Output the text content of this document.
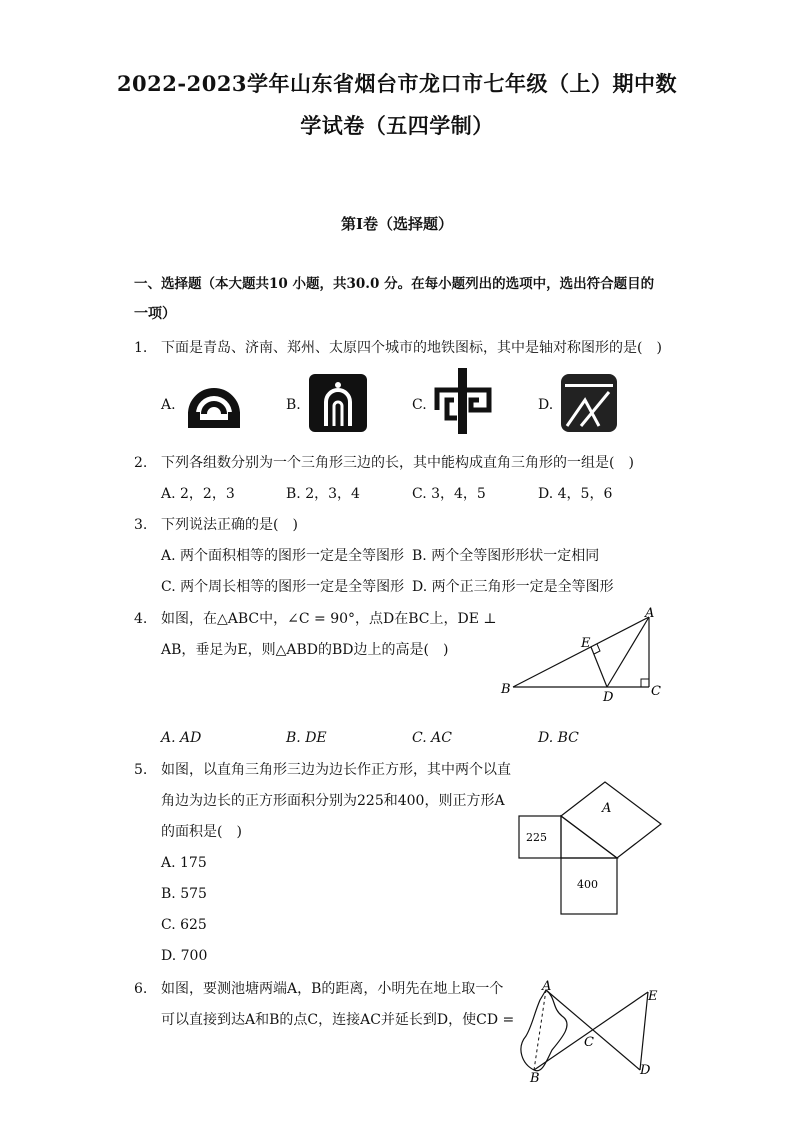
2022-2023学年山东省烟台市龙口市七年级（上）期中数
学试卷（五四学制）
第I卷（选择题）
一、选择题（本大题共10 小题，共30.0 分。在每小题列出的选项中，选出符合题目的
一项）
1. 下面是青岛、济南、郑州、太原四个城市的地铁图标，其中是轴对称图形的是(　)
A.	B.	C.	D.
2. 下列各组数分别为一个三角形三边的长，其中能构成直角三角形的一组是(　)
A. 2，2，3	B. 2，3，4	C. 3，4，5	D. 4，5，6
3. 下列说法正确的是(　)
A. 两个面积相等的图形一定是全等图形 B. 两个全等图形形状一定相同
C. 两个周长相等的图形一定是全等图形 D. 两个正三角形一定是全等图形
4. 如图，在△ABC中，∠C = 90°，点D在BC上，DE ⊥
AB，垂足为E，则△ABD的BD边上的高是(　)
A
B	C
D
E
A. AD	B. DE	C. AC	D. BC
5. 如图，以直角三角形三边为边长作正方形，其中两个以直
角边为边长的正方形面积分别为225和400，则正方形A
的面积是(　)
A. 175
B. 575
C. 625
D. 700
A
225
400
6. 如图，要测池塘两端A，B的距离，小明先在地上取一个
可以直接到达A和B的点C，连接AC并延长到D，使CD =
A
B
C
D
E
